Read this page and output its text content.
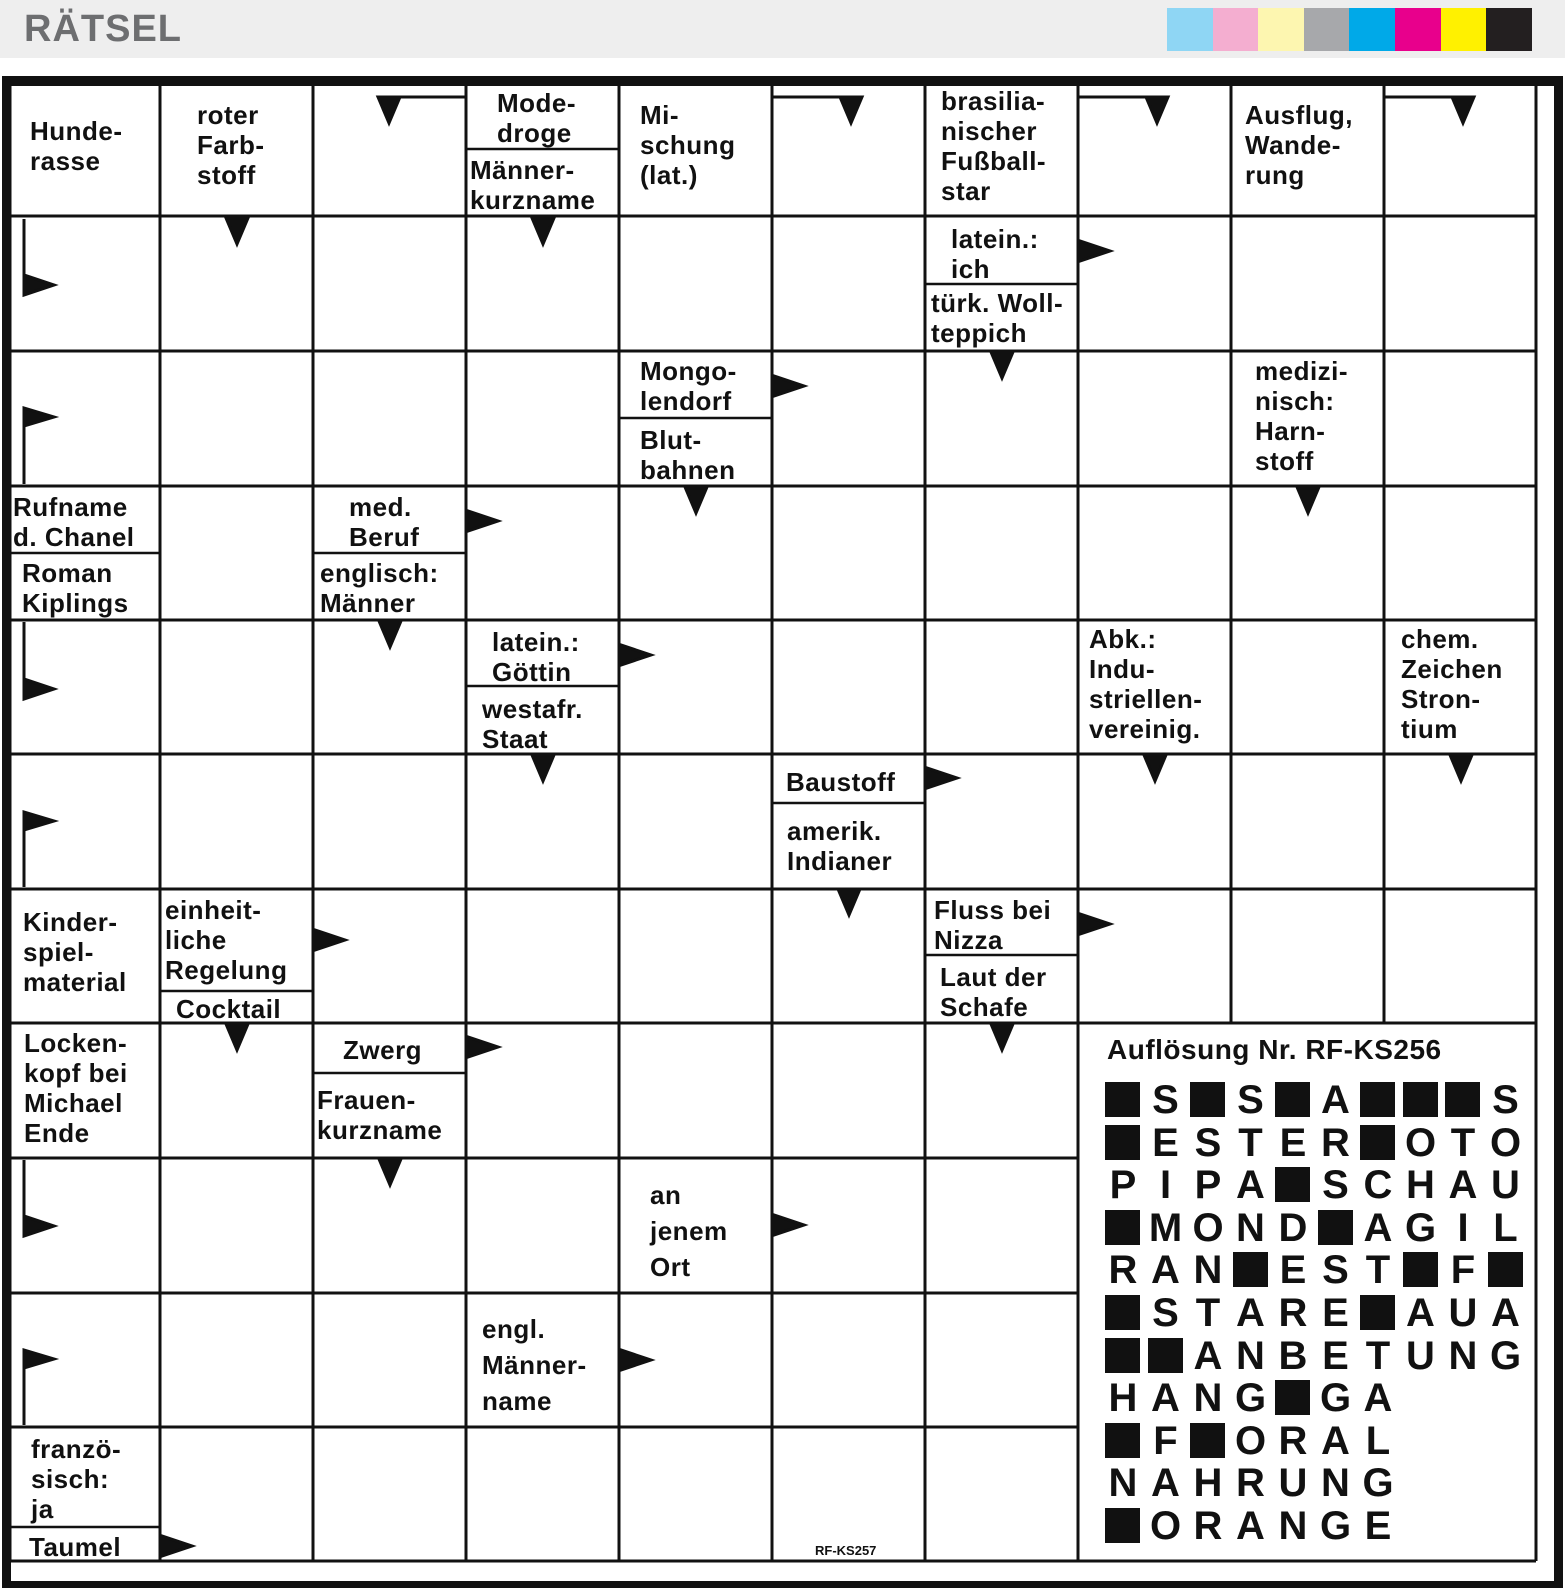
RÄTSEL
Hunde-
rasse
roter
Farb-
stoff
Mode-
droge
Männer-
kurzname
Mi-
schung
(lat.)
brasilia-
nischer
Fußball-
star
Ausflug,
Wande-
rung
latein.:
ich
türk. Woll-
teppich
Mongo-
lendorf
Blut-
bahnen
medizi-
nisch:
Harn-
stoff
Rufname
d. Chanel
Roman
Kiplings
med.
Beruf
englisch:
Männer
latein.:
Göttin
westafr.
Staat
Abk.:
Indu-
striellen-
vereinig.
chem.
Zeichen
Stron-
tium
Baustoff
amerik.
Indianer
Kinder-
spiel-
material
einheit-
liche
Regelung
Cocktail
Fluss bei
Nizza
Laut der
Schafe
Locken-
kopf bei
Michael
Ende
Zwerg
Frauen-
kurzname
an
jenem
Ort
engl.
Männer-
name
franzö-
sisch:
ja
Taumel
Auflösung Nr. RF-KS256
S S A	S
E S T E R O T O
P I P A S C H A U
M O N D A G I L
R A N E S T F
S T A R E A U A
A N B E T U N G
H A N G G A
F O R A L
N A H R U N G
O R A N G E
RF-KS257
